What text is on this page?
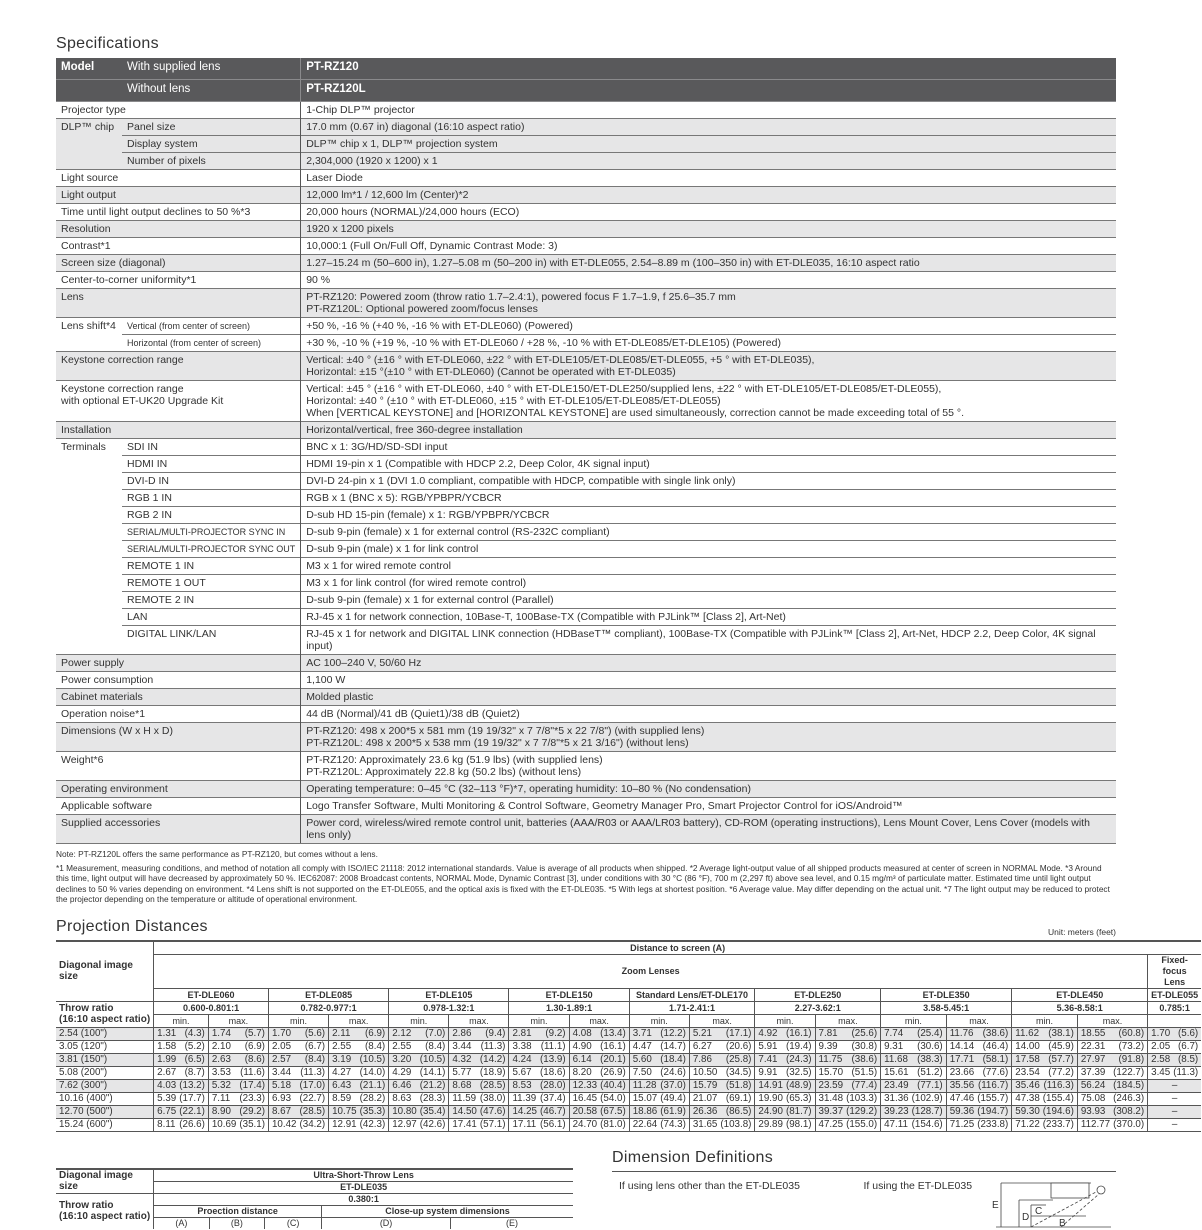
Specifications
Model	With supplied lens	PT-RZ120
	Without lens	PT-RZ120L
Projector type		1-Chip DLP™ projector
DLP™ chip	Panel size	17.0 mm (0.67 in) diagonal (16:10 aspect ratio)
	Display system	DLP™ chip x 1, DLP™ projection system
	Number of pixels	2,304,000 (1920 x 1200) x 1
Light source		Laser Diode
Light output		12,000 lm*1 / 12,600 lm (Center)*2
Time until light output declines to 50 %*3		20,000 hours (NORMAL)/24,000 hours (ECO)
Resolution		1920 x 1200 pixels
Contrast*1		10,000:1 (Full On/Full Off, Dynamic Contrast Mode: 3)
Screen size (diagonal)		1.27–15.24 m (50–600 in), 1.27–5.08 m (50–200 in) with ET-DLE055, 2.54–8.89 m (100–350 in) with ET-DLE035, 16:10 aspect ratio
Center-to-corner uniformity*1		90 %
Lens		PT-RZ120: Powered zoom (throw ratio 1.7–2.4:1), powered focus F 1.7–1.9, f 25.6–35.7 mm
PT-RZ120L: Optional powered zoom/focus lenses
Lens shift*4	Vertical (from center of screen)	+50 %, -16 % (+40 %, -16 % with ET-DLE060) (Powered)
	Horizontal (from center of screen)	+30 %, -10 % (+19 %, -10 % with ET-DLE060 / +28 %, -10 % with ET-DLE085/ET-DLE105) (Powered)
Keystone correction range		Vertical: ±40 ° (±16 ° with ET-DLE060, ±22 ° with ET-DLE105/ET-DLE085/ET-DLE055, +5 ° with ET-DLE035),
Horizontal: ±15 °(±10 ° with ET-DLE060) (Cannot be operated with ET-DLE035)
Keystone correction range
with optional ET-UK20 Upgrade Kit		Vertical: ±45 ° (±16 ° with ET-DLE060, ±40 ° with ET-DLE150/ET-DLE250/supplied lens, ±22 ° with ET-DLE105/ET-DLE085/ET-DLE055),
Horizontal: ±40 ° (±10 ° with ET-DLE060, ±15 ° with ET-DLE105/ET-DLE085/ET-DLE055)
When [VERTICAL KEYSTONE] and [HORIZONTAL KEYSTONE] are used simultaneously, correction cannot be made exceeding total of 55 °.
Installation		Horizontal/vertical, free 360-degree installation
Terminals	SDI IN	BNC x 1: 3G/HD/SD-SDI input
	HDMI IN	HDMI 19-pin x 1 (Compatible with HDCP 2.2, Deep Color, 4K signal input)
	DVI-D IN	DVI-D 24-pin x 1 (DVI 1.0 compliant, compatible with HDCP, compatible with single link only)
	RGB 1 IN	RGB x 1 (BNC x 5): RGB/YPBPR/YCBCR
	RGB 2 IN	D-sub HD 15-pin (female) x 1: RGB/YPBPR/YCBCR
	SERIAL/MULTI-PROJECTOR SYNC IN	D-sub 9-pin (female) x 1 for external control (RS-232C compliant)
	SERIAL/MULTI-PROJECTOR SYNC OUT	D-sub 9-pin (male) x 1 for link control
	REMOTE 1 IN	M3 x 1 for wired remote control
	REMOTE 1 OUT	M3 x 1 for link control (for wired remote control)
	REMOTE 2 IN	D-sub 9-pin (female) x 1 for external control (Parallel)
	LAN	RJ-45 x 1 for network connection, 10Base-T, 100Base-TX (Compatible with PJLink™ [Class 2], Art-Net)
	DIGITAL LINK/LAN	RJ-45 x 1 for network and DIGITAL LINK connection (HDBaseT™ compliant), 100Base-TX (Compatible with PJLink™ [Class 2], Art-Net, HDCP 2.2, Deep Color, 4K signal input)
Power supply		AC 100–240 V, 50/60 Hz
Power consumption		1,100 W
Cabinet materials		Molded plastic
Operation noise*1		44 dB (Normal)/41 dB (Quiet1)/38 dB (Quiet2)
Dimensions (W x H x D)		PT-RZ120: 498 x 200*5 x 581 mm (19 19/32" x 7 7/8"*5 x 22 7/8") (with supplied lens)
PT-RZ120L: 498 x 200*5 x 538 mm (19 19/32" x 7 7/8"*5 x 21 3/16") (without lens)
Weight*6		PT-RZ120: Approximately 23.6 kg (51.9 lbs) (with supplied lens)
PT-RZ120L: Approximately 22.8 kg (50.2 lbs) (without lens)
Operating environment		Operating temperature: 0–45 °C (32–113 °F)*7, operating humidity: 10–80 % (No condensation)
Applicable software		Logo Transfer Software, Multi Monitoring & Control Software, Geometry Manager Pro, Smart Projector Control for iOS/Android™
Supplied accessories		Power cord, wireless/wired remote control unit, batteries (AAA/R03 or AAA/LR03 battery), CD-ROM (operating instructions), Lens Mount Cover, Lens Cover (models with lens only)
Note: PT-RZ120L offers the same performance as PT-RZ120, but comes without a lens.
*1 Measurement, measuring conditions, and method of notation all comply with ISO/IEC 21118: 2012 international standards. Value is average of all products when shipped. *2 Average light-output value of all shipped products measured at center of screen in NORMAL Mode. *3 Around this time, light output will have decreased by approximately 50 %. IEC62087: 2008 Broadcast contents, NORMAL Mode, Dynamic Contrast [3], under conditions with 30 °C (86 °F), 700 m (2,297 ft) above sea level, and 0.15 mg/m³ of particulate matter. Estimated time until light output declines to 50 % varies depending on environment. *4 Lens shift is not supported on the ET-DLE055, and the optical axis is fixed with the ET-DLE035. *5 With legs at shortest position. *6 Average value. May differ depending on the actual unit. *7 The light output may be reduced to protect the projector depending on the temperature or altitude of operational environment.
Projection Distances	Unit: meters (feet)
Diagonal image size	Distance to screen (A)																
	Zoom Lenses																Fixed-focus Lens
	ET-DLE060		ET-DLE085		ET-DLE105		ET-DLE150		Standard Lens/ET-DLE170		ET-DLE250		ET-DLE350		ET-DLE450		ET-DLE055
Throw ratio
(16:10 aspect ratio)	0.600-0.801:1		0.782-0.977:1		0.978-1.32:1		1.30-1.89:1		1.71-2.41:1		2.27-3.62:1		3.58-5.45:1		5.36-8.58:1		0.785:1
	min.	max.	min.	max.	min.	max.	min.	max.	min.	max.	min.	max.	min.	max.	min.	max.	
2.54 (100")	1.31 (4.3)	1.74 (5.7)	1.70 (5.6)	2.11 (6.9)	2.12 (7.0)	2.86 (9.4)	2.81 (9.2)	4.08 (13.4)	3.71 (12.2)	5.21 (17.1)	4.92 (16.1)	7.81 (25.6)	7.74 (25.4)	11.76 (38.6)	11.62 (38.1)	18.55 (60.8)	1.70 (5.6)

3.05 (120")	1.58 (5.2)	2.10 (6.9)	2.05 (6.7)	2.55 (8.4)	2.55 (8.4)	3.44 (11.3)	3.38 (11.1)	4.90 (16.1)	4.47 (14.7)	6.27 (20.6)	5.91 (19.4)	9.39 (30.8)	9.31 (30.6)	14.14 (46.4)	14.00 (45.9)	22.31 (73.2)	2.05 (6.7)

3.81 (150")	1.99 (6.5)	2.63 (8.6)	2.57 (8.4)	3.19 (10.5)	3.20 (10.5)	4.32 (14.2)	4.24 (13.9)	6.14 (20.1)	5.60 (18.4)	7.86 (25.8)	7.41 (24.3)	11.75 (38.6)	11.68 (38.3)	17.71 (58.1)	17.58 (57.7)	27.97 (91.8)	2.58 (8.5)

5.08 (200")	2.67 (8.7)	3.53 (11.6)	3.44 (11.3)	4.27 (14.0)	4.29 (14.1)	5.77 (18.9)	5.67 (18.6)	8.20 (26.9)	7.50 (24.6)	10.50 (34.5)	9.91 (32.5)	15.70 (51.5)	15.61 (51.2)	23.66 (77.6)	23.54 (77.2)	37.39 (122.7)	3.45 (11.3)

7.62 (300")	4.03 (13.2)	5.32 (17.4)	5.18 (17.0)	6.43 (21.1)	6.46 (21.2)	8.68 (28.5)	8.53 (28.0)	12.33 (40.4)	11.28 (37.0)	15.79 (51.8)	14.91 (48.9)	23.59 (77.4)	23.49 (77.1)	35.56 (116.7)	35.46 (116.3)	56.24 (184.5)	–

10.16 (400")	5.39 (17.7)	7.11 (23.3)	6.93 (22.7)	8.59 (28.2)	8.63 (28.3)	11.59 (38.0)	11.39 (37.4)	16.45 (54.0)	15.07 (49.4)	21.07 (69.1)	19.90 (65.3)	31.48 (103.3)	31.36 (102.9)	47.46 (155.7)	47.38 (155.4)	75.08 (246.3)	–

12.70 (500")	6.75 (22.1)	8.90 (29.2)	8.67 (28.5)	10.75 (35.3)	10.80 (35.4)	14.50 (47.6)	14.25 (46.7)	20.58 (67.5)	18.86 (61.9)	26.36 (86.5)	24.90 (81.7)	39.37 (129.2)	39.23 (128.7)	59.36 (194.7)	59.30 (194.6)	93.93 (308.2)	–

15.24 (600")	8.11 (26.6)	10.69 (35.1)	10.42 (34.2)	12.91 (42.3)	12.97 (42.6)	17.41 (57.1)	17.11 (56.1)	24.70 (81.0)	22.64 (74.3)	31.65 (103.8)	29.89 (98.1)	47.25 (155.0)	47.11 (154.6)	71.25 (233.8)	71.22 (233.7)	112.77 (370.0)	–
Diagonal image size	Ultra-Short-Throw Lens				
	ET-DLE035				
Throw ratio
(16:10 aspect ratio)	0.380:1				
	Proection distance			Close-up system dimensions	
	(A)	(B)	(C)	(D)	(E)
Dimension Definitions
If using lens other than the ET-DLE035	If using the ET-DLE035
E
D
C
B
